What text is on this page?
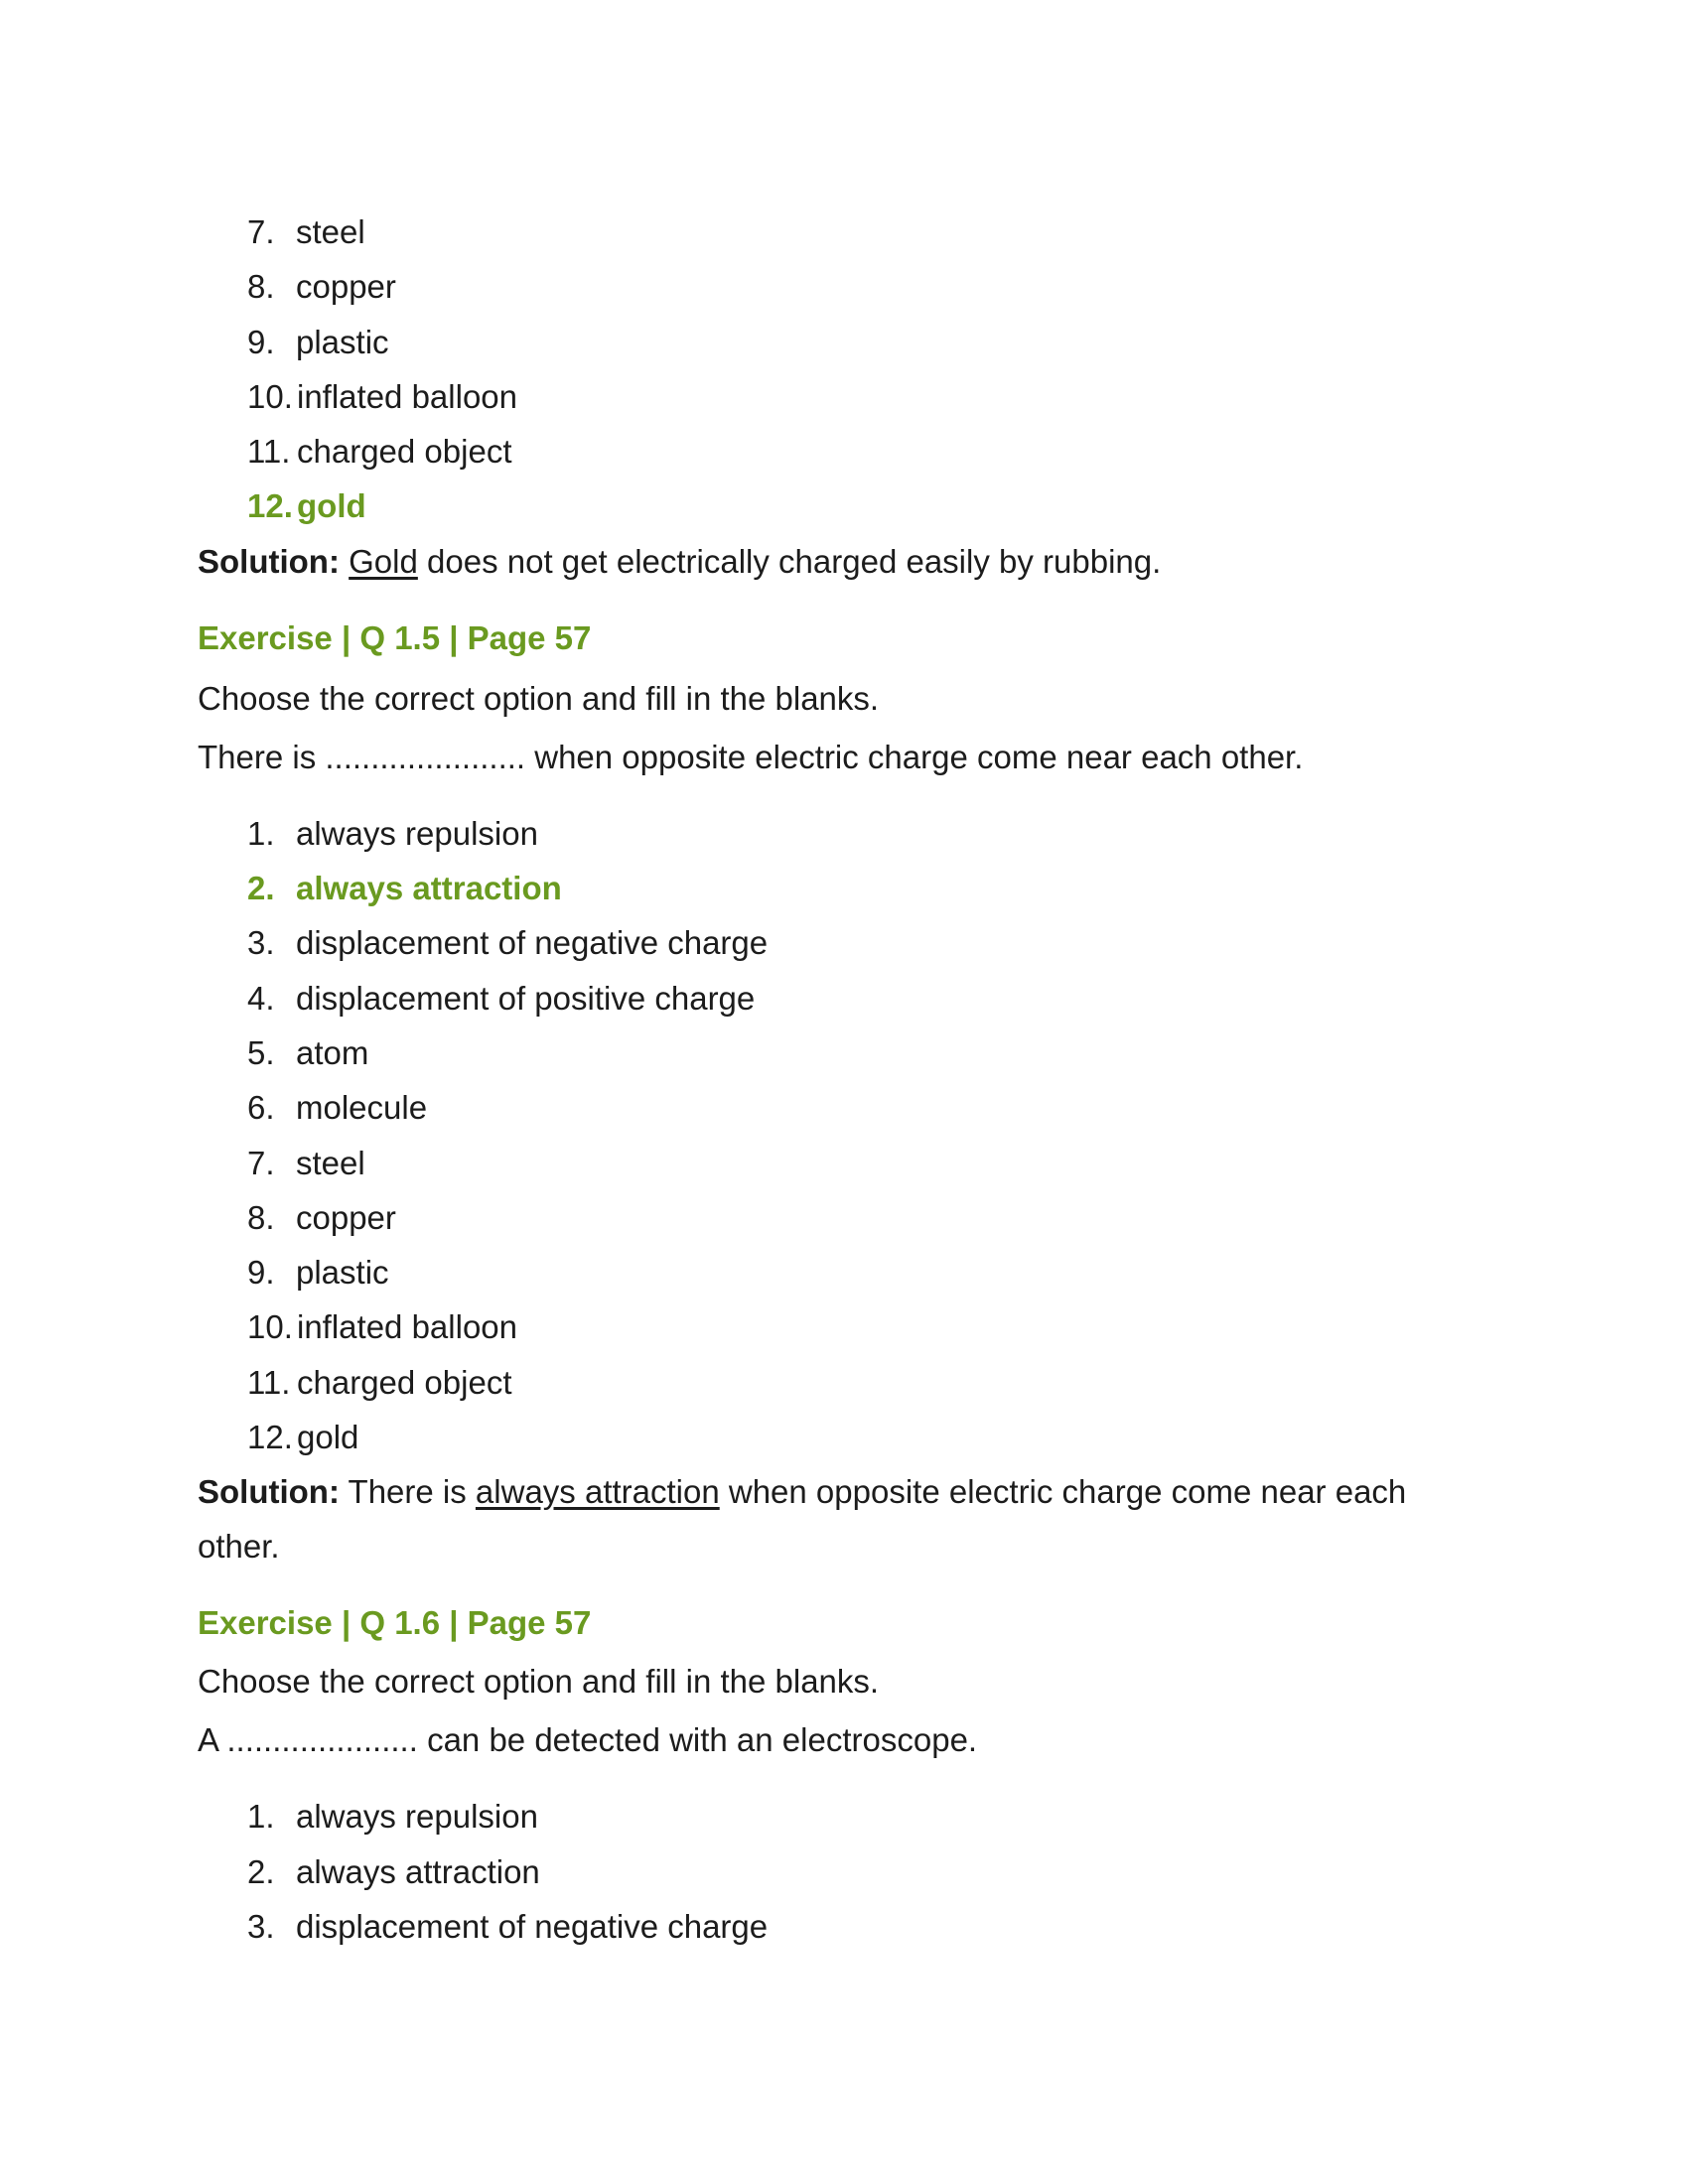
7. steel
8. copper
9. plastic
10. inflated balloon
11. charged object
12. gold

Solution: Gold does not get electrically charged easily by rubbing.

Exercise | Q 1.5 | Page 57

Choose the correct option and fill in the blanks.

There is ...................... when opposite electric charge come near each other.

1. always repulsion
2. always attraction
3. displacement of negative charge
4. displacement of positive charge
5. atom
6. molecule
7. steel
8. copper
9. plastic
10. inflated balloon
11. charged object
12. gold

Solution: There is always attraction when opposite electric charge come near each

other.

Exercise | Q 1.6 | Page 57

Choose the correct option and fill in the blanks.

A ..................... can be detected with an electroscope.

1. always repulsion
2. always attraction
3. displacement of negative charge
